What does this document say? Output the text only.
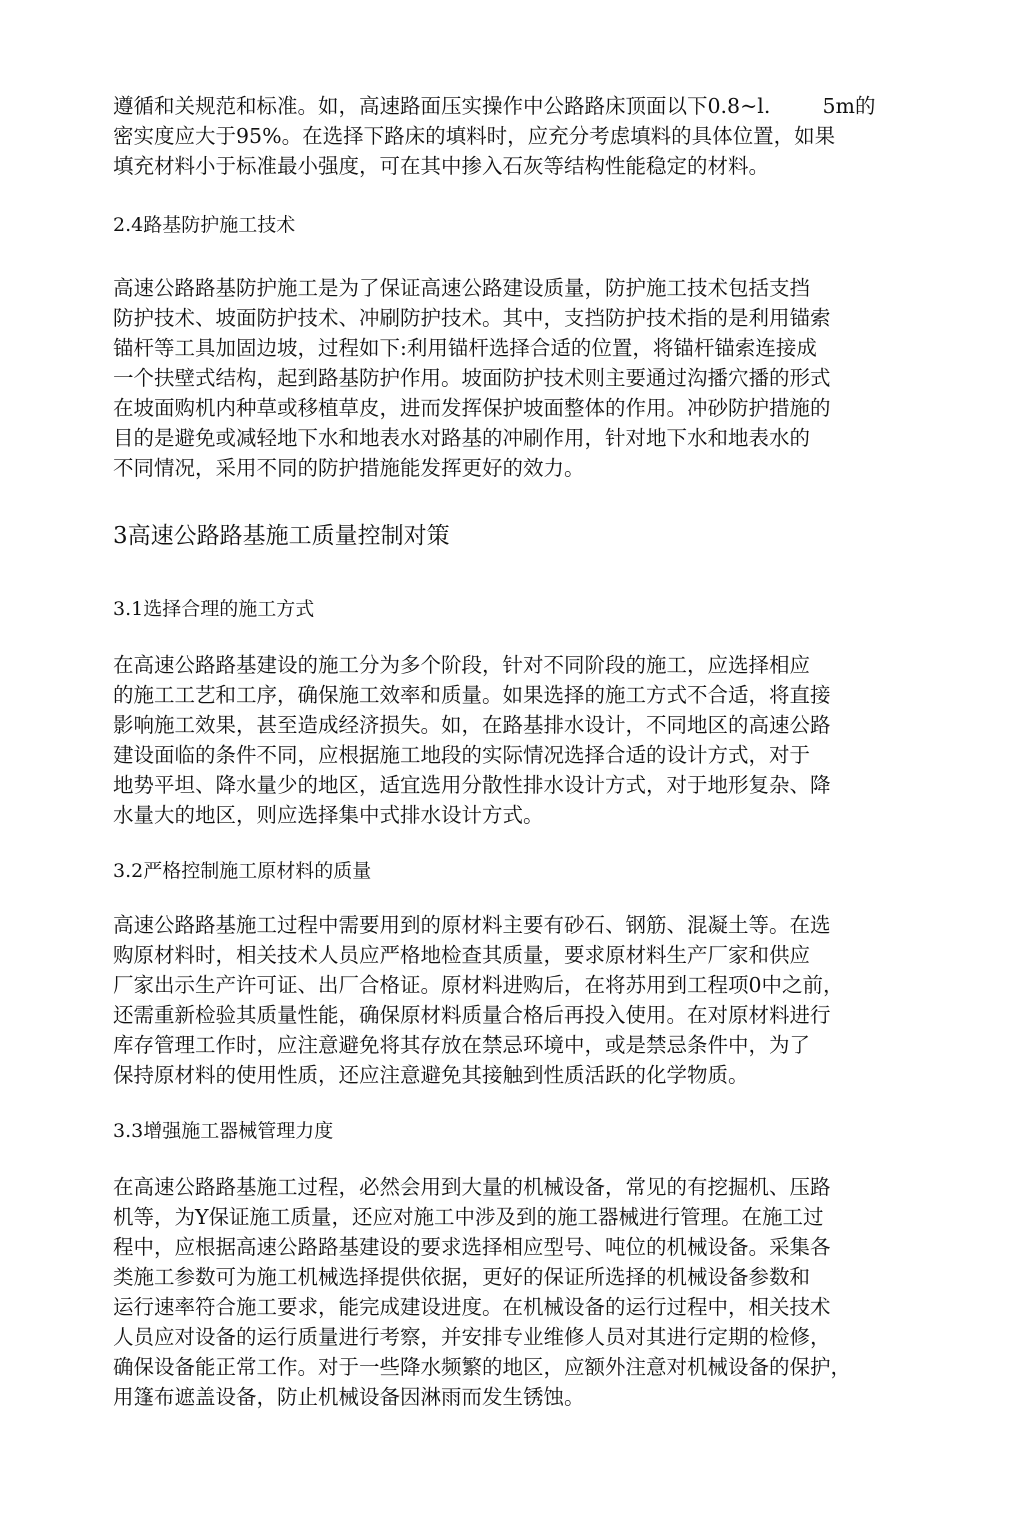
遵循和关规范和标准。如，高速路面压实操作中公路路床顶面以下0.8~l.        5m的
密实度应大于95%。在选择下路床的填料时，应充分考虑填料的具体位置，如果
填充材料小于标准最小强度，可在其中掺入石灰等结构性能稳定的材料。
2.4路基防护施工技术
高速公路路基防护施工是为了保证高速公路建设质量，防护施工技术包括支挡
防护技术、坡面防护技术、冲刷防护技术。其中，支挡防护技术指的是利用锚索
锚杆等工具加固边坡，过程如下:利用锚杆选择合适的位置，将锚杆锚索连接成
一个扶壁式结构，起到路基防护作用。坡面防护技术则主要通过沟播穴播的形式
在坡面购机内种草或移植草皮，进而发挥保护坡面整体的作用。冲砂防护措施的
目的是避免或减轻地下水和地表水对路基的冲刷作用，针对地下水和地表水的
不同情况，采用不同的防护措施能发挥更好的效力。
3高速公路路基施工质量控制对策
3.1选择合理的施工方式
在高速公路路基建设的施工分为多个阶段，针对不同阶段的施工，应选择相应
的施工工艺和工序，确保施工效率和质量。如果选择的施工方式不合适，将直接
影响施工效果，甚至造成经济损失。如，在路基排水设计，不同地区的高速公路
建设面临的条件不同，应根据施工地段的实际情况选择合适的设计方式，对于
地势平坦、降水量少的地区，适宜选用分散性排水设计方式，对于地形复杂、降
水量大的地区，则应选择集中式排水设计方式。
3.2严格控制施工原材料的质量
高速公路路基施工过程中需要用到的原材料主要有砂石、钢筋、混凝土等。在选
购原材料时，相关技术人员应严格地检查其质量，要求原材料生产厂家和供应
厂家出示生产许可证、出厂合格证。原材料进购后，在将苏用到工程项0中之前，
还需重新检验其质量性能，确保原材料质量合格后再投入使用。在对原材料进行
库存管理工作时，应注意避免将其存放在禁忌环境中，或是禁忌条件中，为了
保持原材料的使用性质，还应注意避免其接触到性质活跃的化学物质。
3.3增强施工器械管理力度
在高速公路路基施工过程，必然会用到大量的机械设备，常见的有挖掘机、压路
机等，为Y保证施工质量，还应对施工中涉及到的施工器械进行管理。在施工过
程中，应根据高速公路路基建设的要求选择相应型号、吨位的机械设备。采集各
类施工参数可为施工机械选择提供依据，更好的保证所选择的机械设备参数和
运行速率符合施工要求，能完成建设进度。在机械设备的运行过程中，相关技术
人员应对设备的运行质量进行考察，并安排专业维修人员对其进行定期的检修，
确保设备能正常工作。对于一些降水频繁的地区，应额外注意对机械设备的保护，
用篷布遮盖设备，防止机械设备因淋雨而发生锈蚀。
